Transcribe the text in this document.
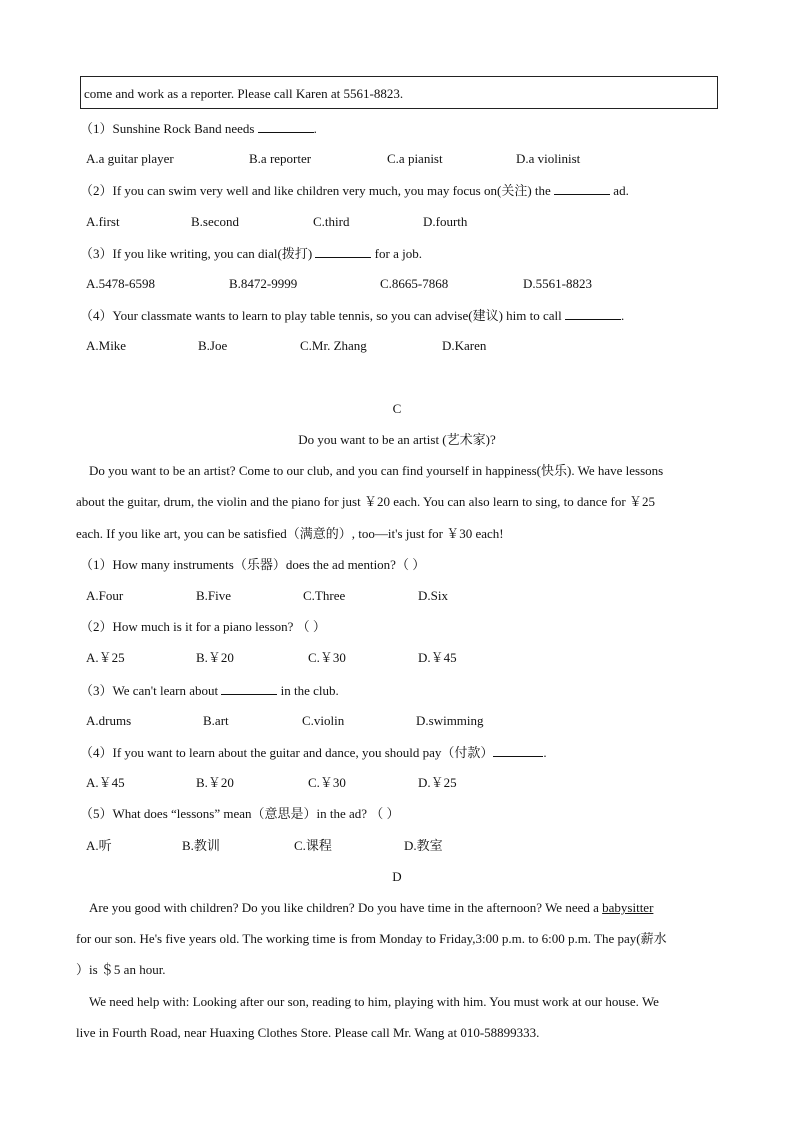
come and work as a reporter. Please call Karen at 5561-8823.
（1）Sunshine Rock Band needs	.
A.a guitar player	B.a reporter	C.a pianist	D.a violinist
（2）If you can swim very well and like children very much, you may focus on(关注) the	ad.
A.first	B.second	C.third	D.fourth
（3）If you like writing, you can dial(拨打)	for a job.
A.5478-6598	B.8472-9999	C.8665-7868	D.5561-8823
（4）Your classmate wants to learn to play table tennis, so you can advise(建议) him to call	.
A.Mike	B.Joe	C.Mr. Zhang	D.Karen
C
Do you want to be an artist (艺术家)?
Do you want to be an artist? Come to our club, and you can find yourself in happiness(快乐). We have lessons
about the guitar, drum, the violin and the piano for just ￥20 each. You can also learn to sing, to dance for ￥25
each. If you like art, you can be satisfied（满意的）, too—it's just for ￥30 each!
（1）How many instruments（乐器）does the ad mention?（ ）
A.Four	B.Five	C.Three	D.Six
（2）How much is it for a piano lesson? （ ）
A.￥25	B.￥20	C.￥30	D.￥45
（3）We can't learn about	in the club.
A.drums	B.art	C.violin	D.swimming
（4）If you want to learn about the guitar and dance, you should pay（付款）	.
A.￥45	B.￥20	C.￥30	D.￥25
（5）What does “lessons” mean（意思是）in the ad? （ ）
A.听	B.教训	C.课程	D.教室
D
Are you good with children? Do you like children? Do you have time in the afternoon? We need a babysitter
for our son. He's five years old. The working time is from Monday to Friday,3:00 p.m. to 6:00 p.m. The pay(薪水
）is ＄5 an hour.
We need help with: Looking after our son, reading to him, playing with him. You must work at our house. We
live in Fourth Road, near Huaxing Clothes Store. Please call Mr. Wang at 010-58899333.
